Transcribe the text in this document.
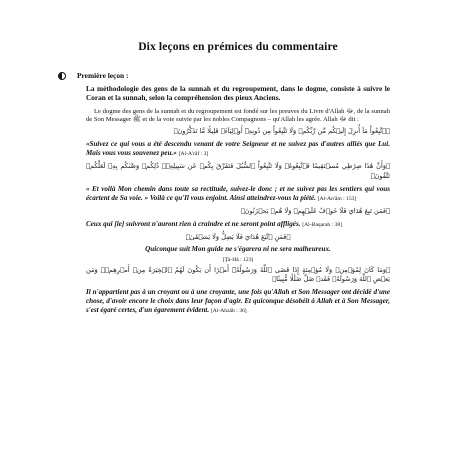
Dix leçons en prémices du commentaire
Première leçon :
La méthodologie des gens de la sunnah et du regroupement, dans le dogme, consiste à suivre le Coran et la sunnah, selon la compréhension des pieux Anciens.
Le dogme des gens de la sunnah et du regroupement est fondé sur les preuves du Livre d'Allah ﷻ, de la sunnah de Son Messager ﷺ et de la voie suivie par les nobles Compagnons – qu'Allah les agrée. Allah ﷻ dit :
﴿ٱتَّبِعُواْ مَآ أُنزِلَ إِلَيۡكُم مِّن رَّبِّكُمۡ وَلَا تَتَّبِعُواْ مِن دُونِهِۦٓ أَوۡلِيَآءَۗ قَلِيلٗا مَّا تَذَكَّرُونَ﴾
«Suivez ce qui vous a été descendu venant de votre Seigneur et ne suivez pas d'autres alliés que Lui. Mais vous vous souvenez peu.» [Al-A'râf : 3]
﴿وَأَنَّ هَٰذَا صِرَٰطِي مُسۡتَقِيمٗا فَٱتَّبِعُوهُۖ وَلَا تَتَّبِعُواْ ٱلسُّبُلَ فَتَفَرَّقَ بِكُمۡ عَن سَبِيلِهِۦۚ ذَٰلِكُمۡ وَصَّىٰكُم بِهِۦ لَعَلَّكُمۡ تَتَّقُونَ﴾
« Et voilà Mon chemin dans toute sa rectitude, suivez-le donc ; et ne suivez pas les sentiers qui vous écartent de Sa voie. » Voilà ce qu'Il vous enjoint. Ainsi atteindrez-vous la piété. [Al-An'âm : 153]
﴿فَمَن تَبِعَ هُدَايَ فَلَا خَوۡفٌ عَلَيۡهِمۡ وَلَا هُمۡ يَحۡزَنُونَ﴾
Ceux qui [le] suivront n'auront rien à craindre et ne seront point affligés. [Al-Baqarah : 38]
﴿فَمَنِ ٱتَّبَعَ هُدَايَ فَلَا يَضِلُّ وَلَا يَشۡقَىٰ﴾
Quiconque suit Mon guide ne s'égarera ni ne sera malheureux.
[Ţâ-Hâ : 123]
﴿وَمَا كَانَ لِمُؤۡمِنٖ وَلَا مُؤۡمِنَةٍ إِذَا قَضَى ٱللَّهُ وَرَسُولُهُۥٓ أَمۡرًا أَن يَكُونَ لَهُمُ ٱلۡخِيَرَةُ مِنۡ أَمۡرِهِمۡۗ وَمَن يَعۡصِ ٱللَّهَ وَرَسُولَهُۥ فَقَدۡ ضَلَّ ضَلَٰلٗا مُّبِينٗا﴾
Il n'appartient pas à un croyant ou à une croyante, une fois qu'Allah et Son Messager ont décidé d'une chose, d'avoir encore le choix dans leur façon d'agir. Et quiconque désobéit à Allah et à Son Messager, s'est égaré certes, d'un égarement évident. [Al-Ahzâb : 36]
